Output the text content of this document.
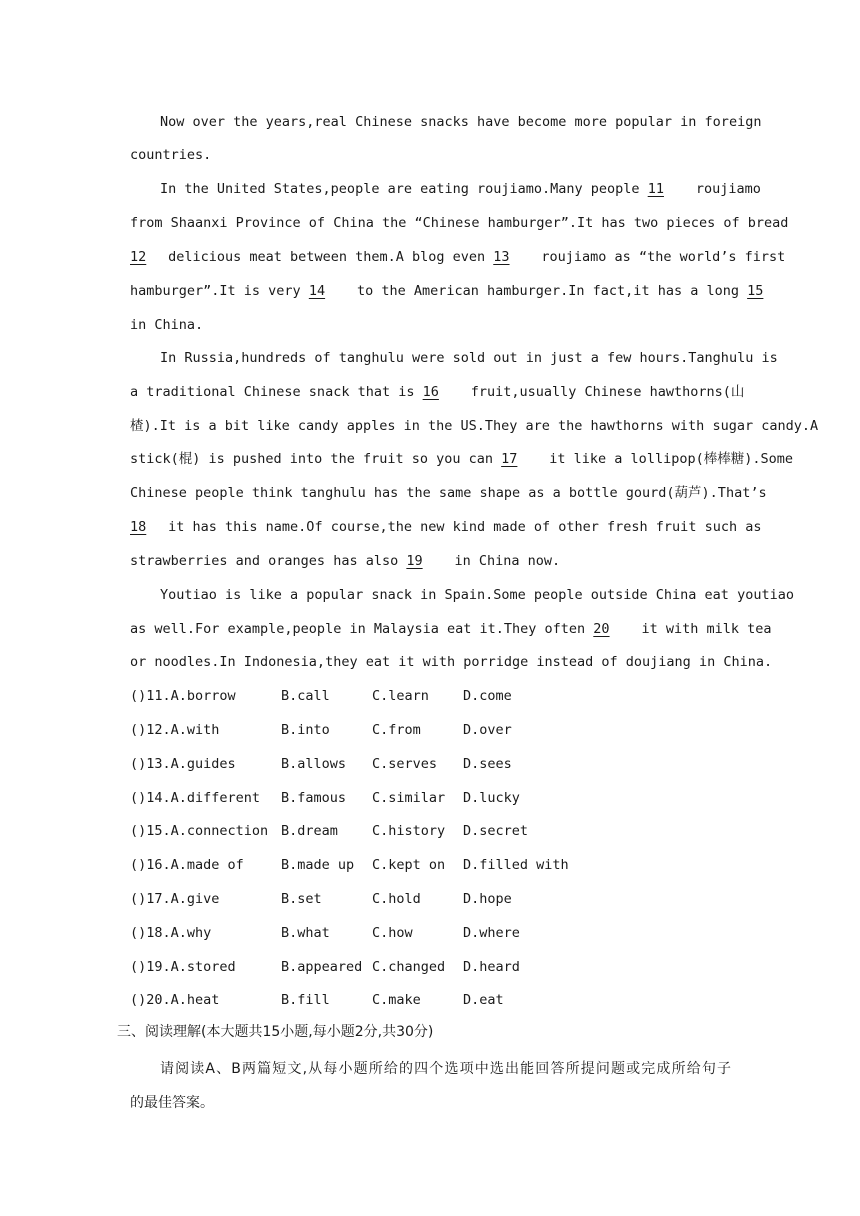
Now over the years,real Chinese snacks have become more popular in foreign
countries.
In the United States,people are eating roujiamo.Many people 11 roujiamo
from Shaanxi Province of China the “Chinese hamburger”.It has two pieces of bread
12 delicious meat between them.A blog even 13 roujiamo as “the world’s first
hamburger”.It is very 14 to the American hamburger.In fact,it has a long 15
in China.
In Russia,hundreds of tanghulu were sold out in just a few hours.Tanghulu is
a traditional Chinese snack that is 16 fruit,usually Chinese hawthorns(山
楂).It is a bit like candy apples in the US.They are the hawthorns with sugar candy.A
stick(棍) is pushed into the fruit so you can 17 it like a lollipop(棒棒糖).Some
Chinese people think tanghulu has the same shape as a bottle gourd(葫芦).That’s
18 it has this name.Of course,the new kind made of other fresh fruit such as
strawberries and oranges has also 19 in China now.
Youtiao is like a popular snack in Spain.Some people outside China eat youtiao
as well.For example,people in Malaysia eat it.They often 20 it with milk tea
or noodles.In Indonesia,they eat it with porridge instead of doujiang in China.
()11.A.borrow	B.call	C.learn	D.come
()12.A.with	B.into	C.from	D.over
()13.A.guides	B.allows C.serves D.sees
()14.A.different B.famous C.similar D.lucky
()15.A.connection B.dream	C.history D.secret
()16.A.made of	B.made up C.kept on D.filled with
()17.A.give	B.set	C.hold	D.hope
()18.A.why	B.what	C.how	D.where
()19.A.stored	B.appeared C.changed D.heard
()20.A.heat	B.fill	C.make	D.eat
三、阅读理解(本大题共15小题,每小题2分,共30分)
请阅读A、B两篇短文,从每小题所给的四个选项中选出能回答所提问题或完成所给句子
的最佳答案。
